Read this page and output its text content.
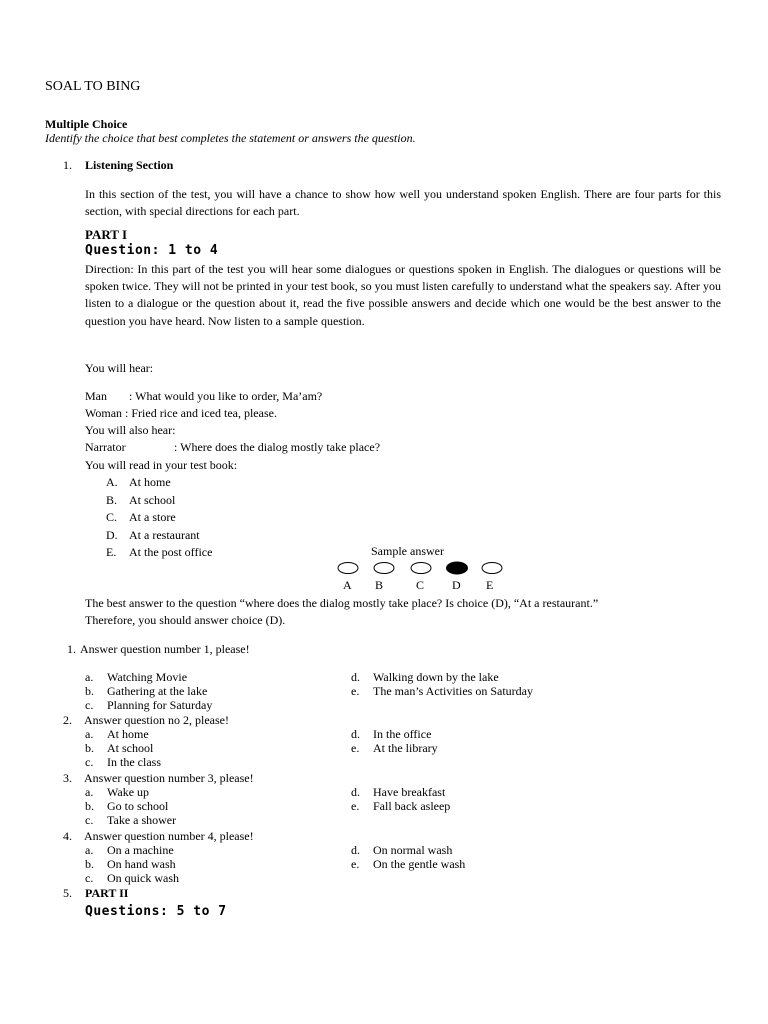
SOAL TO BING
Multiple Choice
Identify the choice that best completes the statement or answers the question.
1. Listening Section
In this section of the test, you will have a chance to show how well you understand spoken English. There are four parts for this section, with special directions for each part.
PART I
Question: 1 to 4
Direction: In this part of the test you will hear some dialogues or questions spoken in English. The dialogues or questions will be spoken twice. They will not be printed in your test book, so you must listen carefully to understand what the speakers say. After you listen to a dialogue or the question about it, read the five possible answers and decide which one would be the best answer to the question you have heard. Now listen to a sample question.
You will hear:
Man : What would you like to order, Ma’am?
Woman : Fried rice and iced tea, please.
You will also hear:
Narrator	: Where does the dialog mostly take place?
You will read in your test book:
A. At home
B. At school
C. At a store
D. At a restaurant
E.	At the post office	Sample answer
A B	C D E
The best answer to the question “where does the dialog mostly take place? Is choice (D), “At a restaurant.”
Therefore, you should answer choice (D).
1. Answer question number 1, please!
a. Watching Movie
b. Gathering at the lake
c. Planning for Saturday
d. Walking down by the lake
e. The man’s Activities on Saturday
2. Answer question no 2, please!
a. At home
b. At school
c. In the class
d. In the office
e. At the library
3. Answer question number 3, please!
a. Wake up
b. Go to school
c. Take a shower
d. Have breakfast
e. Fall back asleep
4. Answer question number 4, please!
a. On a machine
b. On hand wash
c. On quick wash
d. On normal wash
e. On the gentle wash
5. PART II
Questions: 5 to 7
